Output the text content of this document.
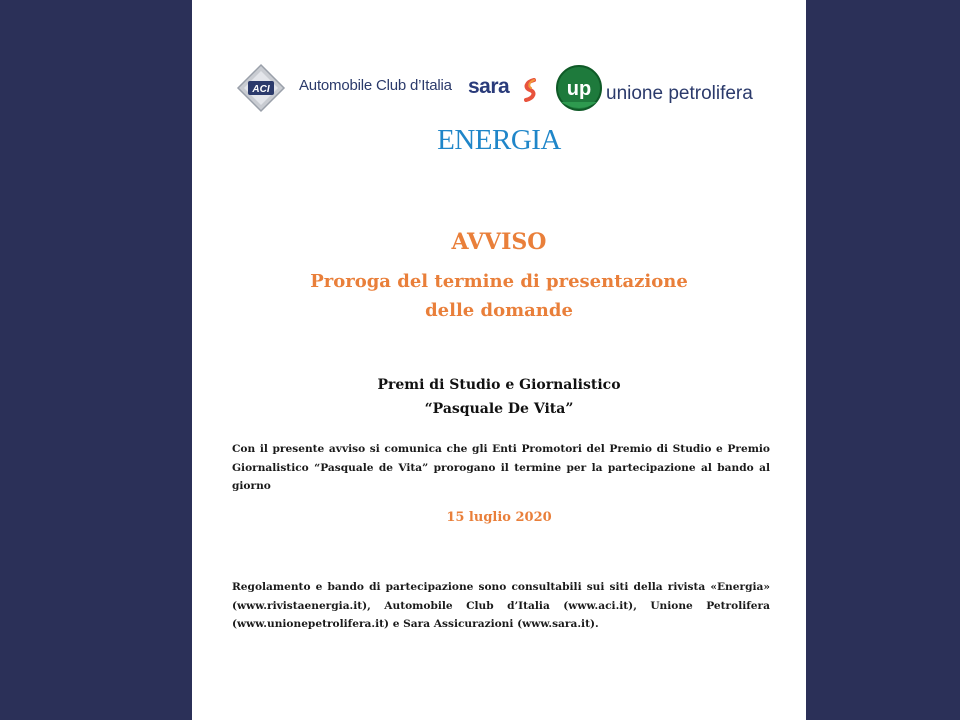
ACI Automobile Club d’Italia sara	up unione petrolifera
ENERGIA
AVVISO
Proroga del termine di presentazione
delle domande
Premi di Studio e Giornalistico
“Pasquale De Vita”
Con il presente avviso si comunica che gli Enti Promotori del Premio di Studio e Premio Giornalistico “Pasquale de Vita” prorogano il termine per la partecipazione al bando al giorno
15 luglio 2020
Regolamento e bando di partecipazione sono consultabili sui siti della rivista «Energia» (www.rivistaenergia.it), Automobile Club d’Italia (www.aci.it), Unione Petrolifera (www.unionepetrolifera.it) e Sara Assicurazioni (www.sara.it).
